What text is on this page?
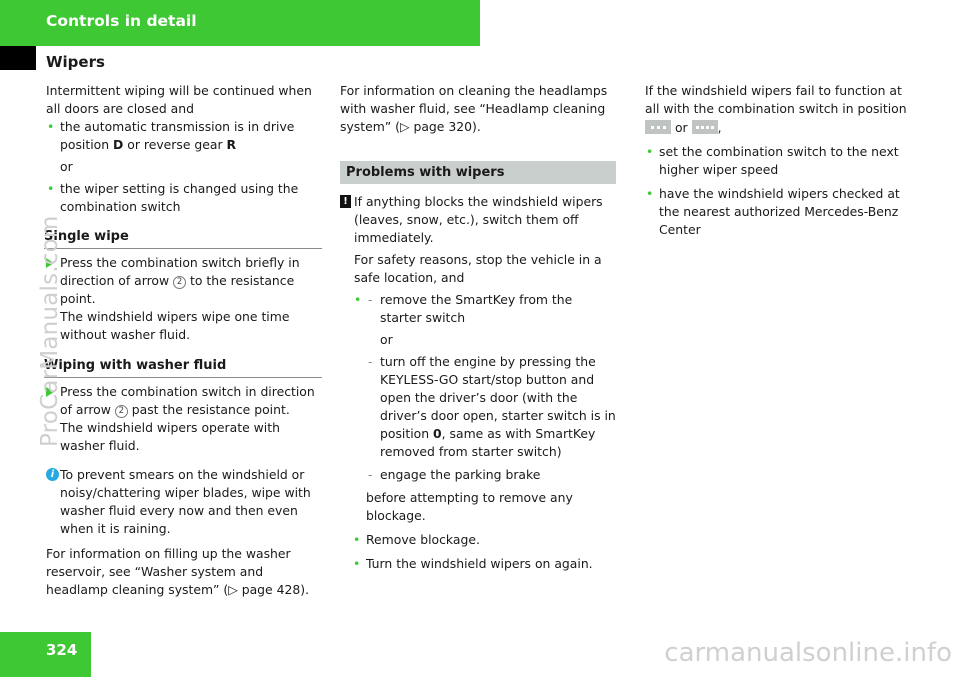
Controls in detail
Wipers

Intermittent wiping will be continued when all doors are closed and

• the automatic transmission is in drive position D or reverse gear R

or

• the wiper setting is changed using the combination switch
Single wipe
Press the combination switch briefly in direction of arrow 2 to the resistance point.

The windshield wipers wipe one time without washer fluid.

Wiping with washer fluid
Press the combination switch in direction of arrow 2 past the resistance point.

The windshield wipers operate with washer fluid.

i To prevent smears on the windshield or noisy/chattering wiper blades, wipe with washer fluid every now and then even when it is raining.

For information on filling up the washer reservoir, see “Washer system and headlamp cleaning system” (▷ page 428).

For information on cleaning the headlamps with washer fluid, see “Headlamp cleaning system” (▷ page 320).

Problems with wipers
! If anything blocks the windshield wipers (leaves, snow, etc.), switch them off immediately.

For safety reasons, stop the vehicle in a safe location, and

• - remove the SmartKey from the starter switch

or

- turn off the engine by pressing the KEYLESS-GO start/stop button and open the driver’s door (with the driver’s door open, starter switch is in position 0, same as with SmartKey removed from starter switch)
- engage the parking brake

before attempting to remove any blockage.

• Remove blockage.
• Turn the windshield wipers on again.

If the windshield wipers fail to function at all with the combination switch in position

or ,

• set the combination switch to the next higher wiper speed
• have the windshield wipers checked at the nearest authorized Mercedes-Benz Center
324
ProCarManuals.com
carmanualsonline.info
